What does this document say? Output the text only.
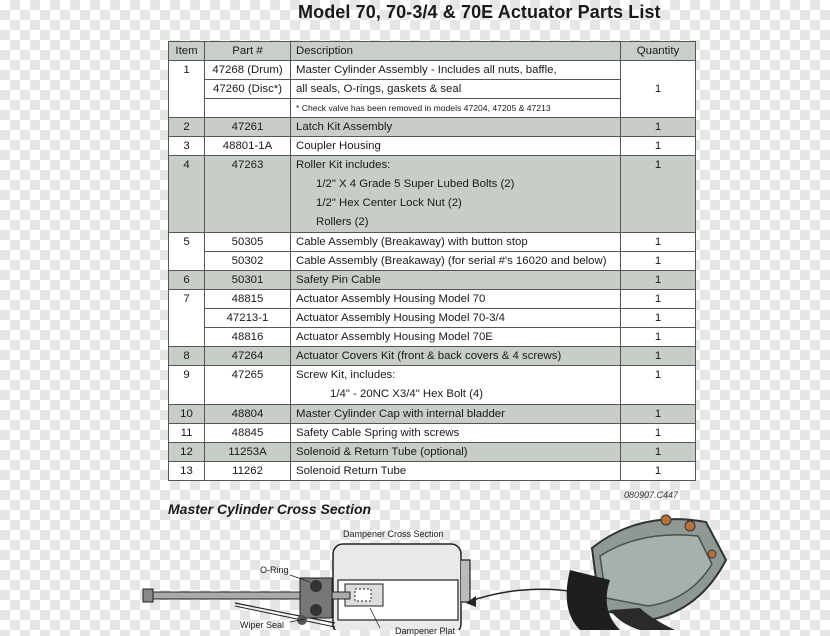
Model 70, 70-3/4 & 70E Actuator Parts List
Item	Part #	Description	Quantity
1	47268 (Drum)	Master Cylinder Assembly - Includes all nuts, baffle,	1
	47260 (Disc*)	all seals, O-rings, gaskets & seal	
		* Check valve has been removed in models 47204, 47205 & 47213	
2	47261	Latch Kit Assembly	1
3	48801-1A	Coupler Housing	1
4	47263	Roller Kit includes:
1/2" X 4 Grade 5 Super Lubed Bolts (2)
1/2" Hex Center Lock Nut (2)
Rollers (2)	1
5	50305	Cable Assembly (Breakaway) with button stop	1
	50302	Cable Assembly (Breakaway) (for serial #'s 16020 and below)	1
6	50301	Safety Pin Cable	1
7	48815	Actuator Assembly Housing Model 70	1
	47213-1	Actuator Assembly Housing Model 70-3/4	1
	48816	Actuator Assembly Housing Model 70E	1
8	47264	Actuator Covers Kit (front & back covers & 4 screws)	1
9	47265	Screw Kit, includes:
1/4" - 20NC X3/4" Hex Bolt (4)	1
10	48804	Master Cylinder Cap with internal bladder	1
11	48845	Safety Cable Spring with screws	1
12	11253A	Solenoid & Return Tube (optional)	1
13	11262	Solenoid Return Tube	1
080907.C447
Master Cylinder Cross Section
Dampener Cross Section
O-Ring
Wiper Seal
Dampener Plat
